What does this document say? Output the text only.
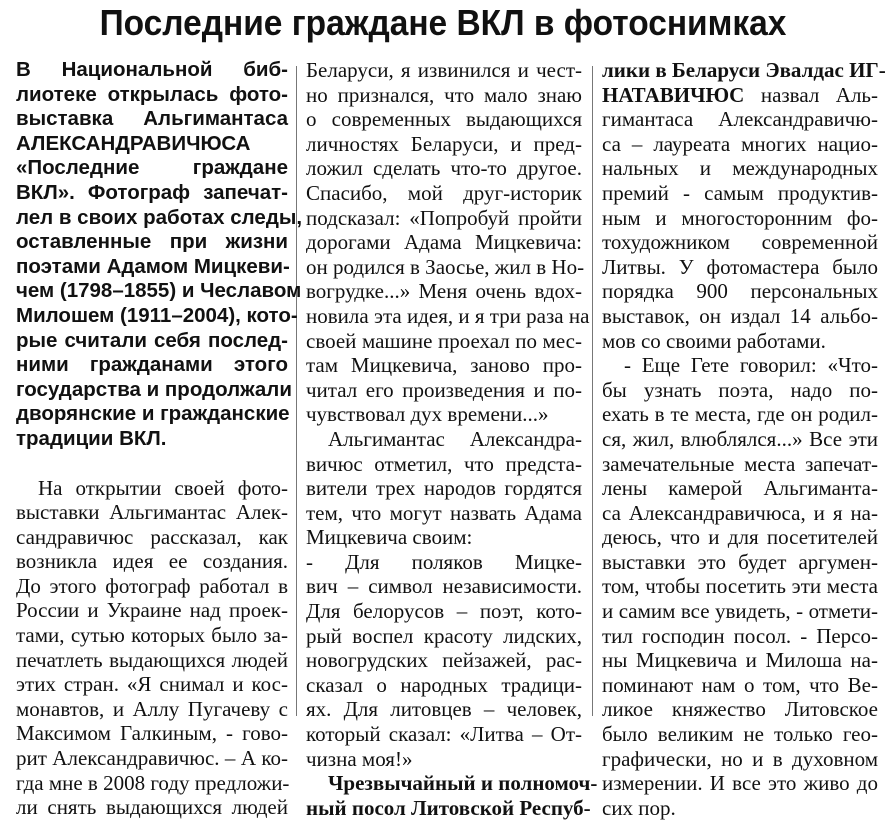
Последние граждане ВКЛ в фотоснимках
В Национальной биб-
лиотеке открылась фото-
выставка Альгимантаса
АЛЕКСАНДРАВИЧЮСА
«Последние граждане
ВКЛ». Фотограф запечат-
лел в своих работах следы,
оставленные при жизни
поэтами Адамом Мицкеви-
чем (1798–1855) и Чеславом
Милошем (1911–2004), кото-
рые считали себя послед-
ними гражданами этого
государства и продолжали
дворянские и гражданские
традиции ВКЛ.
На открытии своей фото-
выставки Альгимантас Алек-
сандравичюс рассказал, как
возникла идея ее создания.
До этого фотограф работал в
России и Украине над проек-
тами, сутью которых было за-
печатлеть выдающихся людей
этих стран. «Я снимал и кос-
монавтов, и Аллу Пугачеву с
Максимом Галкиным, - гово-
рит Александравичюс. – А ко-
гда мне в 2008 году предложи-
ли снять выдающихся людей
Беларуси, я извинился и чест-
но признался, что мало знаю
о современных выдающихся
личностях Беларуси, и пред-
ложил сделать что-то другое.
Спасибо, мой друг-историк
подсказал: «Попробуй пройти
дорогами Адама Мицкевича:
он родился в Заосье, жил в Но-
вогрудке...» Меня очень вдох-
новила эта идея, и я три раза на
своей машине проехал по мес-
там Мицкевича, заново про-
читал его произведения и по-
чувствовал дух времени...»
Альгимантас Александра-
вичюс отметил, что предста-
вители трех народов гордятся
тем, что могут назвать Адама
Мицкевича своим:
- Для поляков Мицке-
вич – символ независимости.
Для белорусов – поэт, кото-
рый воспел красоту лидских,
новогрудских пейзажей, рас-
сказал о народных традици-
ях. Для литовцев – человек,
который сказал: «Литва – От-
чизна моя!»
Чрезвычайный и полномоч-
ный посол Литовской Респуб-
лики в Беларуси Эвалдас ИГ-
НАТАВИЧЮС назвал Аль-
гимантаса Александравичю-
са – лауреата многих нацио-
нальных и международных
премий - самым продуктив-
ным и многосторонним фо-
тохудожником современной
Литвы. У фотомастера было
порядка 900 персональных
выставок, он издал 14 альбо-
мов со своими работами.
- Еще Гете говорил: «Что-
бы узнать поэта, надо по-
ехать в те места, где он родил-
ся, жил, влюблялся...» Все эти
замечательные места запечат-
лены камерой Альгиманта-
са Александравичюса, и я на-
деюсь, что и для посетителей
выставки это будет аргумен-
том, чтобы посетить эти места
и самим все увидеть, - отмети-
тил господин посол. - Персо-
ны Мицкевича и Милоша на-
поминают нам о том, что Ве-
ликое княжество Литовское
было великим не только гео-
графически, но и в духовном
измерении. И все это живо до
сих пор.
